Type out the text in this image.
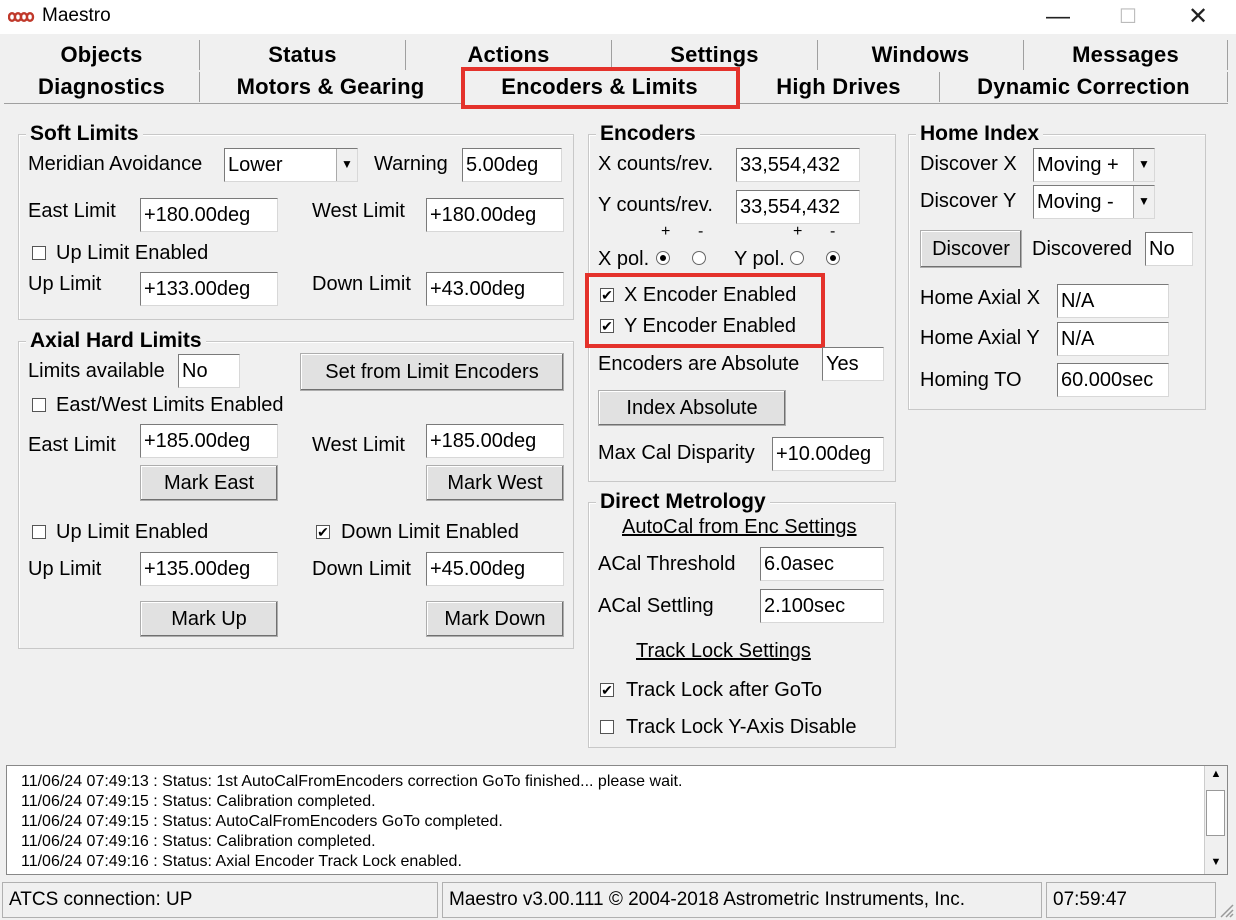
Maestro	—	☐	✕
Objects	Status	Actions	Settings	Windows	Messages
Diagnostics	Motors & Gearing	Encoders & Limits	High Drives	Dynamic Correction
Soft Limits
Meridian Avoidance Lower	▼ Warning 5.00deg
East Limit +180.00deg	West Limit +180.00deg
Up Limit Enabled
Up Limit +133.00deg	Down Limit +43.00deg
Axial Hard Limits
Limits available No	Set from Limit Encoders
East/West Limits Enabled
East Limit +185.00deg	West Limit +185.00deg
Mark East	Mark West
Up Limit Enabled	✔ Down Limit Enabled
Up Limit +135.00deg	Down Limit +45.00deg
Mark Up	Mark Down
Encoders
X counts/rev. 33,554,432
Y counts/rev. 33,554,432
+ -	+ -
X pol.	Y pol.
✔ X Encoder Enabled
✔ Y Encoder Enabled
Encoders are Absolute Yes
Index Absolute
Max Cal Disparity +10.00deg
Direct Metrology
AutoCal from Enc Settings
ACal Threshold 6.0asec
ACal Settling	2.100sec
Track Lock Settings
✔ Track Lock after GoTo
Track Lock Y-Axis Disable
Home Index
Discover X Moving +	▼
Discover Y Moving -	▼
Discover	Discovered No
Home Axial X N/A
Home Axial Y N/A
Homing TO 60.000sec
11/06/24 07:49:13 : Status: 1st AutoCalFromEncoders correction GoTo finished... please wait.
11/06/24 07:49:15 : Status: Calibration completed.
11/06/24 07:49:15 : Status: AutoCalFromEncoders GoTo completed.
11/06/24 07:49:16 : Status: Calibration completed.
11/06/24 07:49:16 : Status: Axial Encoder Track Lock enabled.
▲
▼
ATCS connection: UP	Maestro v3.00.111 © 2004-2018 Astrometric Instruments, Inc.	07:59:47
